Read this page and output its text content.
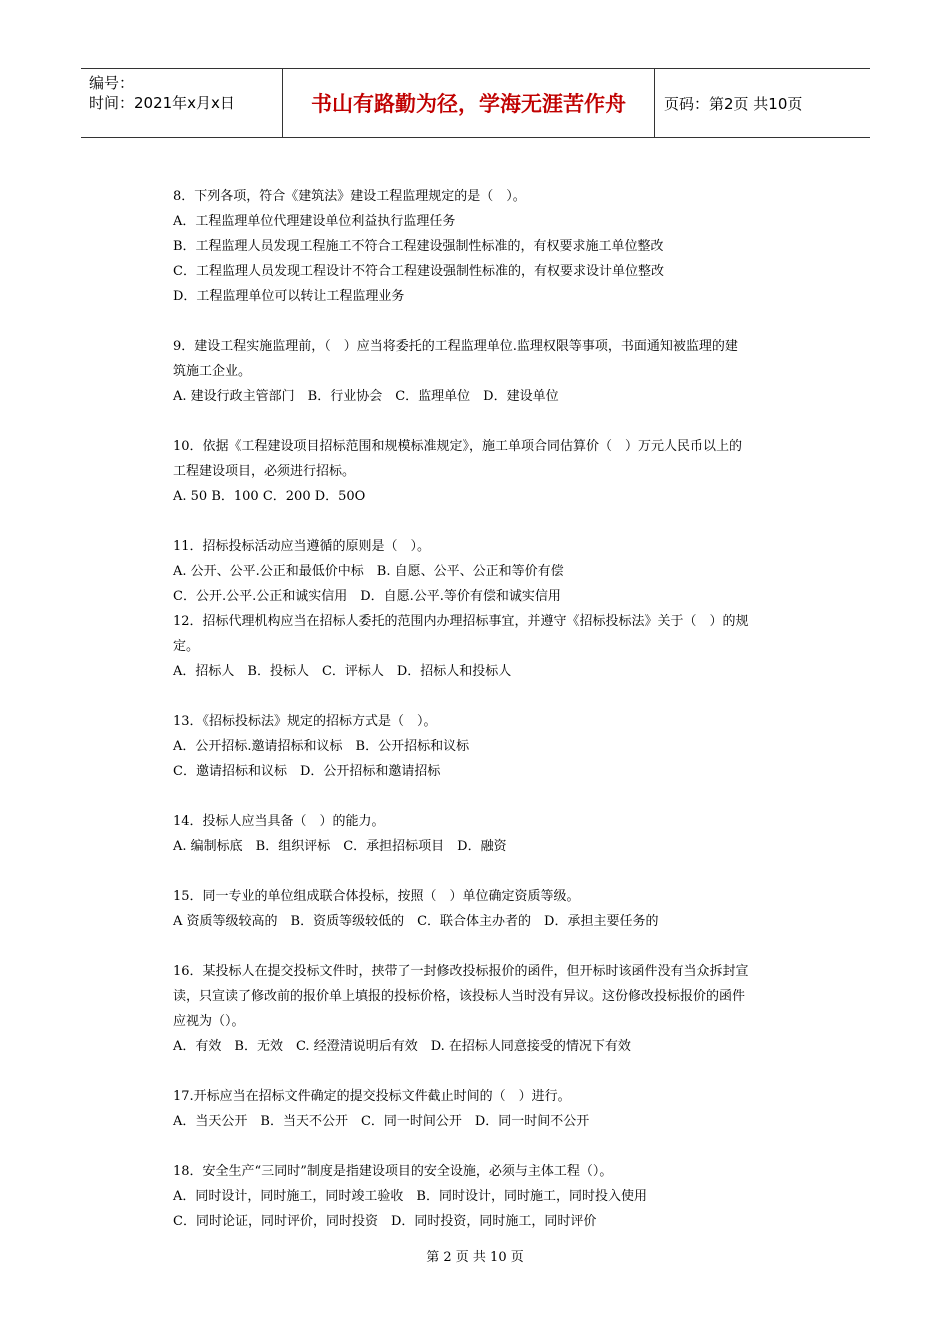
编号：
时间：2021年x月x日	书山有路勤为径，学海无涯苦作舟	页码：第2页 共10页
8．下列各项，符合《建筑法》建设工程监理规定的是（　）。
A．工程监理单位代理建设单位利益执行监理任务
B．工程监理人员发现工程施工不符合工程建设强制性标准的，有权要求施工单位整改
C．工程监理人员发现工程设计不符合工程建设强制性标准的，有权要求设计单位整改
D．工程监理单位可以转让工程监理业务
9．建设工程实施监理前，（　）应当将委托的工程监理单位.监理权限等事项，书面通知被监理的建
筑施工企业。
A. 建设行政主管部门　B．行业协会　C．监理单位　D．建设单位
10．依据《工程建设项目招标范围和规模标准规定》，施工单项合同估算价（　）万元人民币以上的
工程建设项目，必须进行招标。
A. 50 B．100 C．200 D．50O
11．招标投标活动应当遵循的原则是（　）。
A. 公开、公平.公正和最低价中标　B. 自愿、公平、公正和等价有偿
C．公开.公平.公正和诚实信用　D．自愿.公平.等价有偿和诚实信用
12．招标代理机构应当在招标人委托的范围内办理招标事宜，并遵守《招标投标法》关于（　）的规
定。
A．招标人　B．投标人　C．评标人　D．招标人和投标人
13．《招标投标法》规定的招标方式是（　）。
A．公开招标.邀请招标和议标　B．公开招标和议标
C．邀请招标和议标　D．公开招标和邀请招标
14．投标人应当具备（　）的能力。
A. 编制标底　B．组织评标　C．承担招标项目　D．融资
15．同一专业的单位组成联合体投标，按照（　）单位确定资质等级。
A 资质等级较高的　B．资质等级较低的　C．联合体主办者的　D．承担主要任务的
16．某投标人在提交投标文件时，挟带了一封修改投标报价的函件，但开标时该函件没有当众拆封宣
读，只宣读了修改前的报价单上填报的投标价格，该投标人当时没有异议。这份修改投标报价的函件
应视为（）。
A．有效　B．无效　C. 经澄清说明后有效　D. 在招标人同意接受的情况下有效
17.开标应当在招标文件确定的提交投标文件截止时间的（　）进行。
A．当天公开　B．当天不公开　C．同一时间公开　D．同一时间不公开
18．安全生产“三同时”制度是指建设项目的安全设施，必须与主体工程（）。
A．同时设计，同时施工，同时竣工验收　B．同时设计，同时施工，同时投入使用
C．同时论证，同时评价，同时投资　D．同时投资，同时施工，同时评价
第 2 页 共 10 页
